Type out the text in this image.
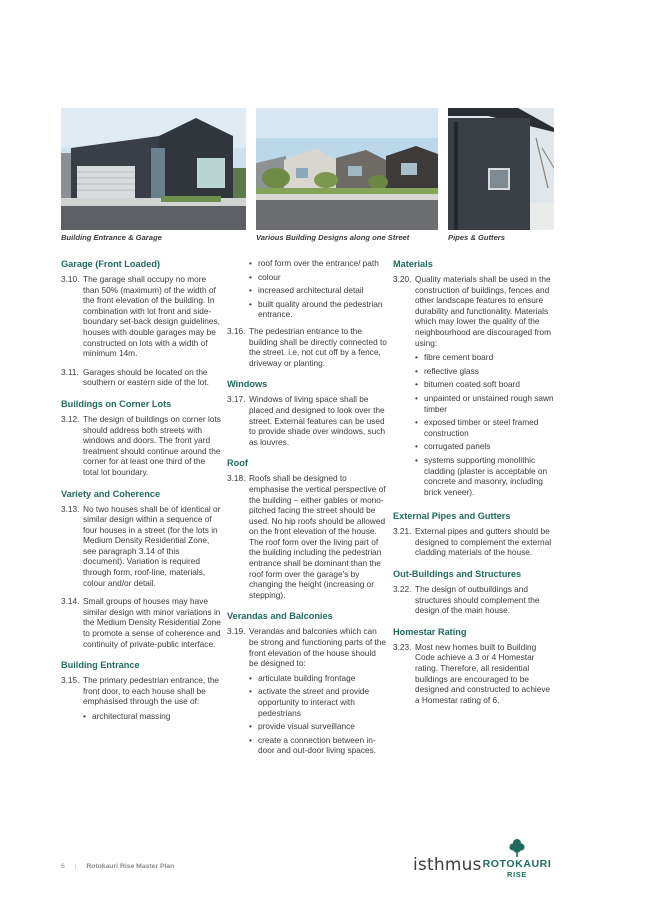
Building Entrance & Garage	Various Building Designs along one Street	Pipes & Gutters
Garage (Front Loaded)
3.10. The garage shall occupy no more than 50% (maximum) of the width of the front elevation of the building. In combination with lot front and side-boundary set-back design guidelines, houses with double garages may be constructed on lots with a width of minimum 14m.
3.11. Garages should be located on the southern or eastern side of the lot.
Buildings on Corner Lots
3.12. The design of buildings on corner lots should address both streets with windows and doors. The front yard treatment should continue around the corner for at least one third of the total lot boundary.
Variety and Coherence
3.13. No two houses shall be of identical or similar design within a sequence of four houses in a street (for the lots in Medium Density Residential Zone, see paragraph 3.14 of this document). Variation is required through form, roof-line, materials, colour and/or detail.
3.14. Small groups of houses may have similar design with minor variations in the Medium Density Residential Zone to promote a sense of coherence and continuity of private-public interface.
Building Entrance
3.15. The primary pedestrian entrance, the front door, to each house shall be emphasised through the use of:
• architectural massing
• roof form over the entrance/ path
• colour
• increased architectural detail
• built quality around the pedestrian entrance.
3.16. The pedestrian entrance to the building shall be directly connected to the street. i.e, not cut off by a fence, driveway or planting.
Windows
3.17. Windows of living space shall be placed and designed to look over the street. External features can be used to provide shade over windows, such as louvres.
Roof
3.18. Roofs shall be designed to emphasise the vertical perspective of the building – either gables or mono-pitched facing the street should be used. No hip roofs should be allowed on the front elevation of the house. The roof form over the living part of the building including the pedestrian entrance shall be dominant than the roof form over the garage's by changing the height (increasing or stepping).
Verandas and Balconies
3.19. Verandas and balconies which can be strong and functioning parts of the front elevation of the house should be designed to:
• articulate building frontage
• activate the street and provide opportunity to interact with pedestrians
• provide visual surveillance
• create a connection between in-door and out-door living spaces.
Materials
3.20. Quality materials shall be used in the construction of buildings, fences and other landscape features to ensure durability and functionality. Materials which may lower the quality of the neighbourhood are discouraged from using:
• fibre cement board
• reflective glass
• bitumen coated soft board
• unpainted or unstained rough sawn timber
• exposed timber or steel framed construction
• corrugated panels
• systems supporting monolithic cladding (plaster is acceptable on concrete and masonry, including brick veneer).
External Pipes and Gutters
3.21. External pipes and gutters should be designed to complement the external cladding materials of the house.
Out-Buildings and Structures
3.22. The design of outbuildings and structures should complement the design of the main house.
Homestar Rating
3.23. Most new homes built to Building Code achieve a 3 or 4 Homestar rating. Therefore, all residential buildings are encouraged to be designed and constructed to achieve a Homestar rating of 6.
6 | Rotokauri Rise Master Plan	isthmus ROTOKAURI
RISE
